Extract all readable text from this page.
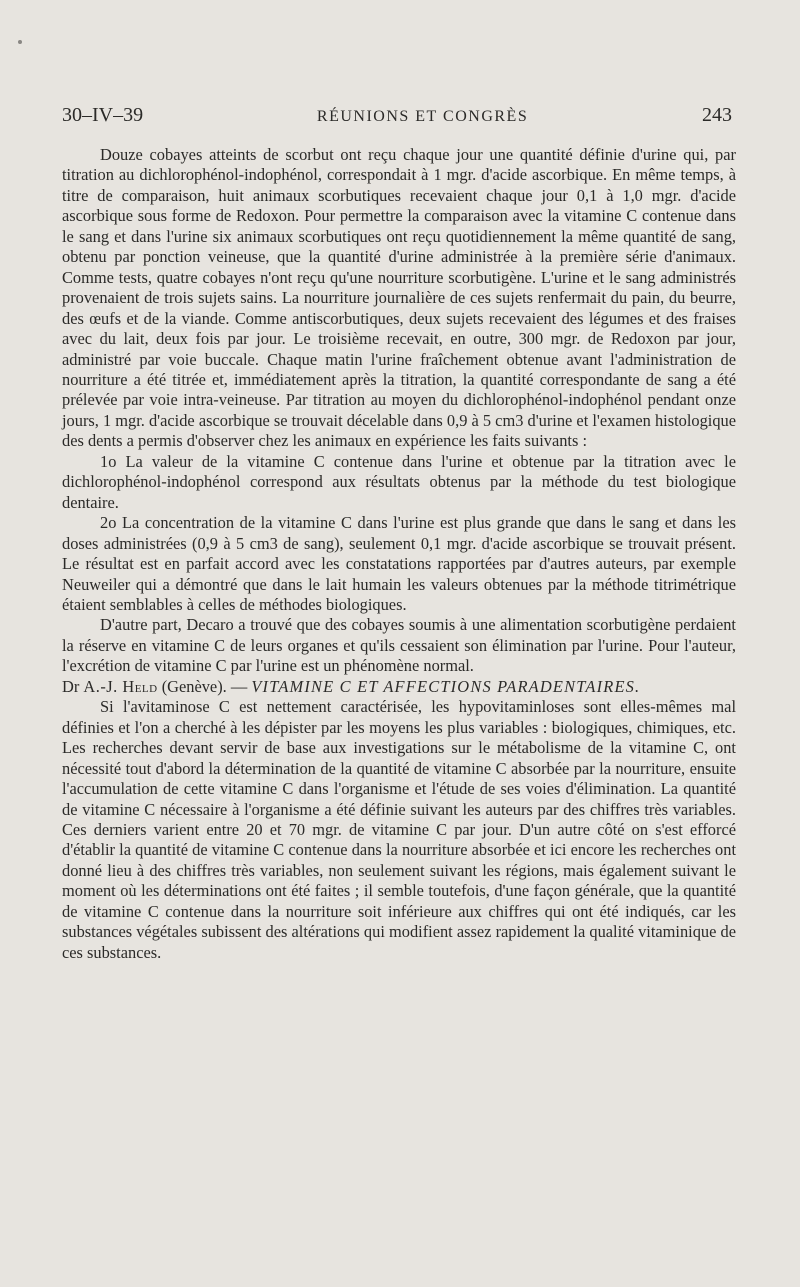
30–IV–39	RÉUNIONS ET CONGRÈS	243

Douze cobayes atteints de scorbut ont reçu chaque jour une quantité définie d'urine qui, par titration au dichlorophénol-indophénol, correspondait à 1 mgr. d'acide ascorbique. En même temps, à titre de comparaison, huit animaux scorbutiques recevaient chaque jour 0,1 à 1,0 mgr. d'acide ascorbique sous forme de Redoxon. Pour permettre la comparaison avec la vitamine C contenue dans le sang et dans l'urine six animaux scorbutiques ont reçu quotidiennement la même quantité de sang, obtenu par ponction veineuse, que la quantité d'urine administrée à la première série d'animaux. Comme tests, quatre cobayes n'ont reçu qu'une nourriture scorbutigène. L'urine et le sang administrés provenaient de trois sujets sains. La nourriture journalière de ces sujets renfermait du pain, du beurre, des œufs et de la viande. Comme antiscorbutiques, deux sujets recevaient des légumes et des fraises avec du lait, deux fois par jour. Le troisième recevait, en outre, 300 mgr. de Redoxon par jour, administré par voie buccale. Chaque matin l'urine fraîchement obtenue avant l'administration de nourriture a été titrée et, immédiatement après la titration, la quantité correspondante de sang a été prélevée par voie intra-veineuse. Par titration au moyen du dichlorophénol-indophénol pendant onze jours, 1 mgr. d'acide ascorbique se trouvait décelable dans 0,9 à 5 cm3 d'urine et l'examen histologique des dents a permis d'observer chez les animaux en expérience les faits suivants :

1o La valeur de la vitamine C contenue dans l'urine et obtenue par la titration avec le dichlorophénol-indophénol correspond aux résultats obtenus par la méthode du test biologique dentaire.

2o La concentration de la vitamine C dans l'urine est plus grande que dans le sang et dans les doses administrées (0,9 à 5 cm3 de sang), seulement 0,1 mgr. d'acide ascorbique se trouvait présent. Le résultat est en parfait accord avec les constatations rapportées par d'autres auteurs, par exemple Neuweiler qui a démontré que dans le lait humain les valeurs obtenues par la méthode titrimétrique étaient semblables à celles de méthodes biologiques.

D'autre part, Decaro a trouvé que des cobayes soumis à une alimentation scorbutigène perdaient la réserve en vitamine C de leurs organes et qu'ils cessaient son élimination par l'urine. Pour l'auteur, l'excrétion de vitamine C par l'urine est un phénomène normal.

Dr A.-J. Held (Genève). — VITAMINE C ET AFFECTIONS PARADENTAIRES.

Si l'avitaminose C est nettement caractérisée, les hypovitaminloses sont elles-mêmes mal définies et l'on a cherché à les dépister par les moyens les plus variables : biologiques, chimiques, etc. Les recherches devant servir de base aux investigations sur le métabolisme de la vitamine C, ont nécessité tout d'abord la détermination de la quantité de vitamine C absorbée par la nourriture, ensuite l'accumulation de cette vitamine C dans l'organisme et l'étude de ses voies d'élimination. La quantité de vitamine C nécessaire à l'organisme a été définie suivant les auteurs par des chiffres très variables. Ces derniers varient entre 20 et 70 mgr. de vitamine C par jour. D'un autre côté on s'est efforcé d'établir la quantité de vitamine C contenue dans la nourriture absorbée et ici encore les recherches ont donné lieu à des chiffres très variables, non seulement suivant les régions, mais également suivant le moment où les déterminations ont été faites ; il semble toutefois, d'une façon générale, que la quantité de vitamine C contenue dans la nourriture soit inférieure aux chiffres qui ont été indiqués, car les substances végétales subissent des altérations qui modifient assez rapidement la qualité vitaminique de ces substances.
